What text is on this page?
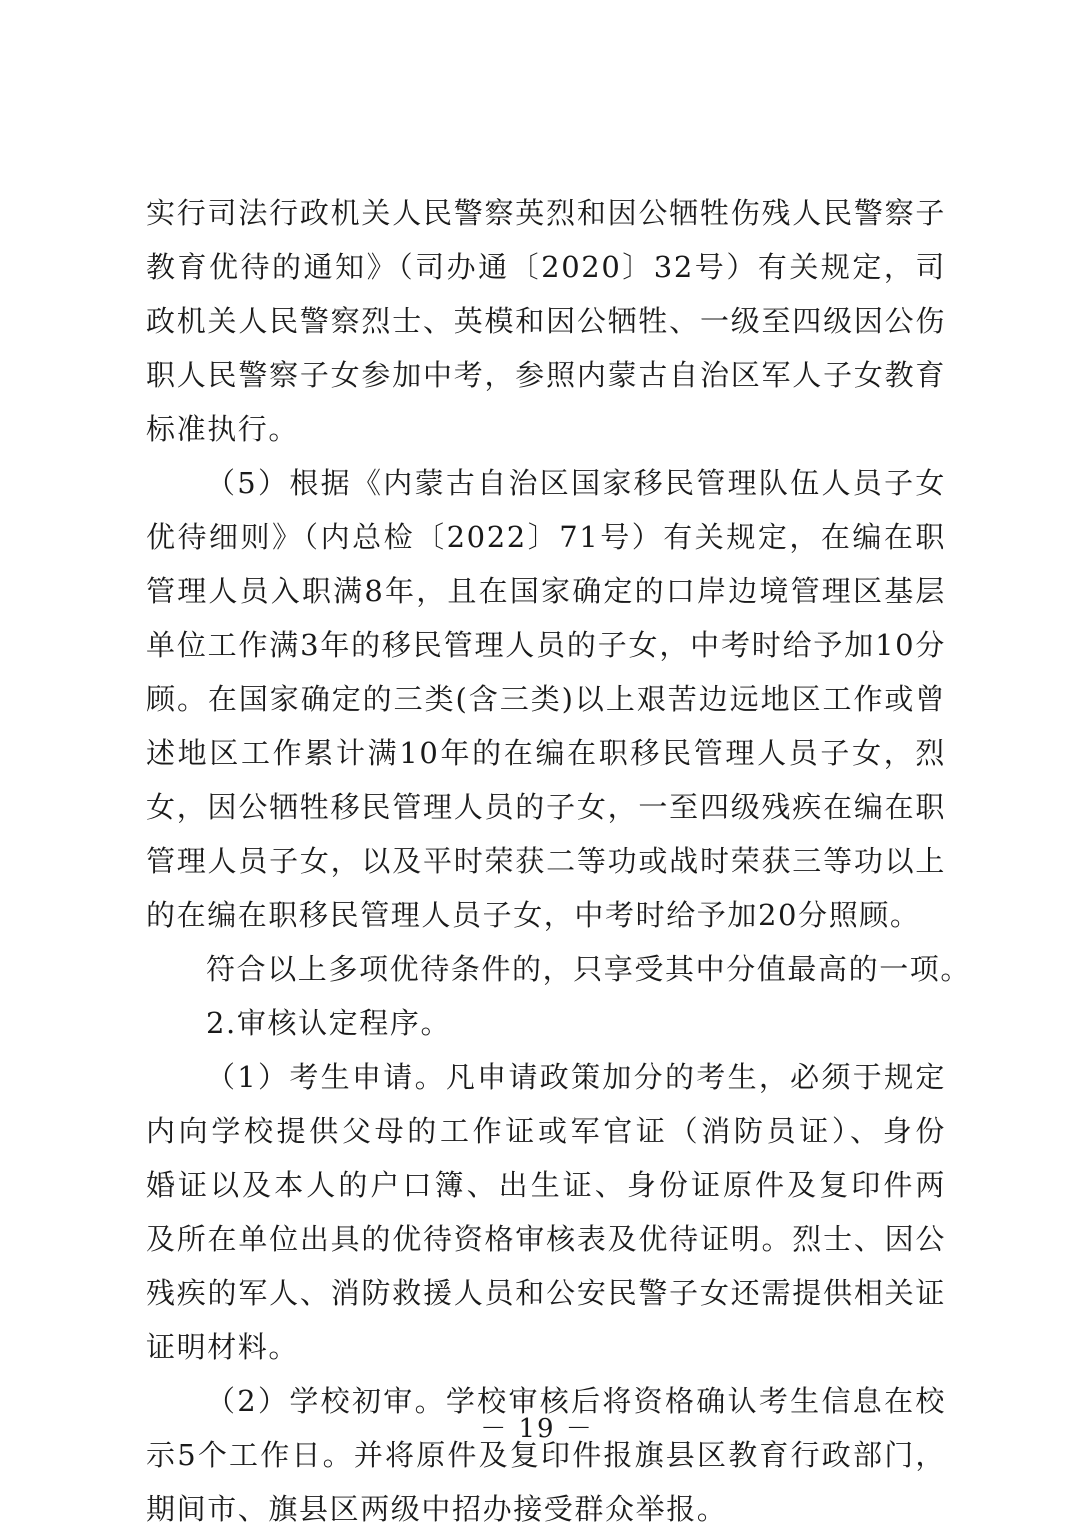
实行司法行政机关人民警察英烈和因公牺牲伤残人民警察子
教育优待的通知》（司办通〔2020〕32号）有关规定，司
政机关人民警察烈士、英模和因公牺牲、一级至四级因公伤
职人民警察子女参加中考，参照内蒙古自治区军人子女教育
标准执行。
（5）根据《内蒙古自治区国家移民管理队伍人员子女
优待细则》（内总检〔2022〕71号）有关规定，在编在职
管理人员入职满8年，且在国家确定的口岸边境管理区基层
单位工作满3年的移民管理人员的子女，中考时给予加10分
顾。在国家确定的三类(含三类)以上艰苦边远地区工作或曾
述地区工作累计满10年的在编在职移民管理人员子女，烈
女，因公牺牲移民管理人员的子女，一至四级残疾在编在职
管理人员子女，以及平时荣获二等功或战时荣获三等功以上
的在编在职移民管理人员子女，中考时给予加20分照顾。
符合以上多项优待条件的，只享受其中分值最高的一项。
2.审核认定程序。
（1）考生申请。凡申请政策加分的考生，必须于规定
内向学校提供父母的工作证或军官证（消防员证）、身份
婚证以及本人的户口簿、出生证、身份证原件及复印件两
及所在单位出具的优待资格审核表及优待证明。烈士、因公
残疾的军人、消防救援人员和公安民警子女还需提供相关证
证明材料。
（2）学校初审。学校审核后将资格确认考生信息在校
示5个工作日。并将原件及复印件报旗县区教育行政部门，
期间市、旗县区两级中招办接受群众举报。
－ 19 －
